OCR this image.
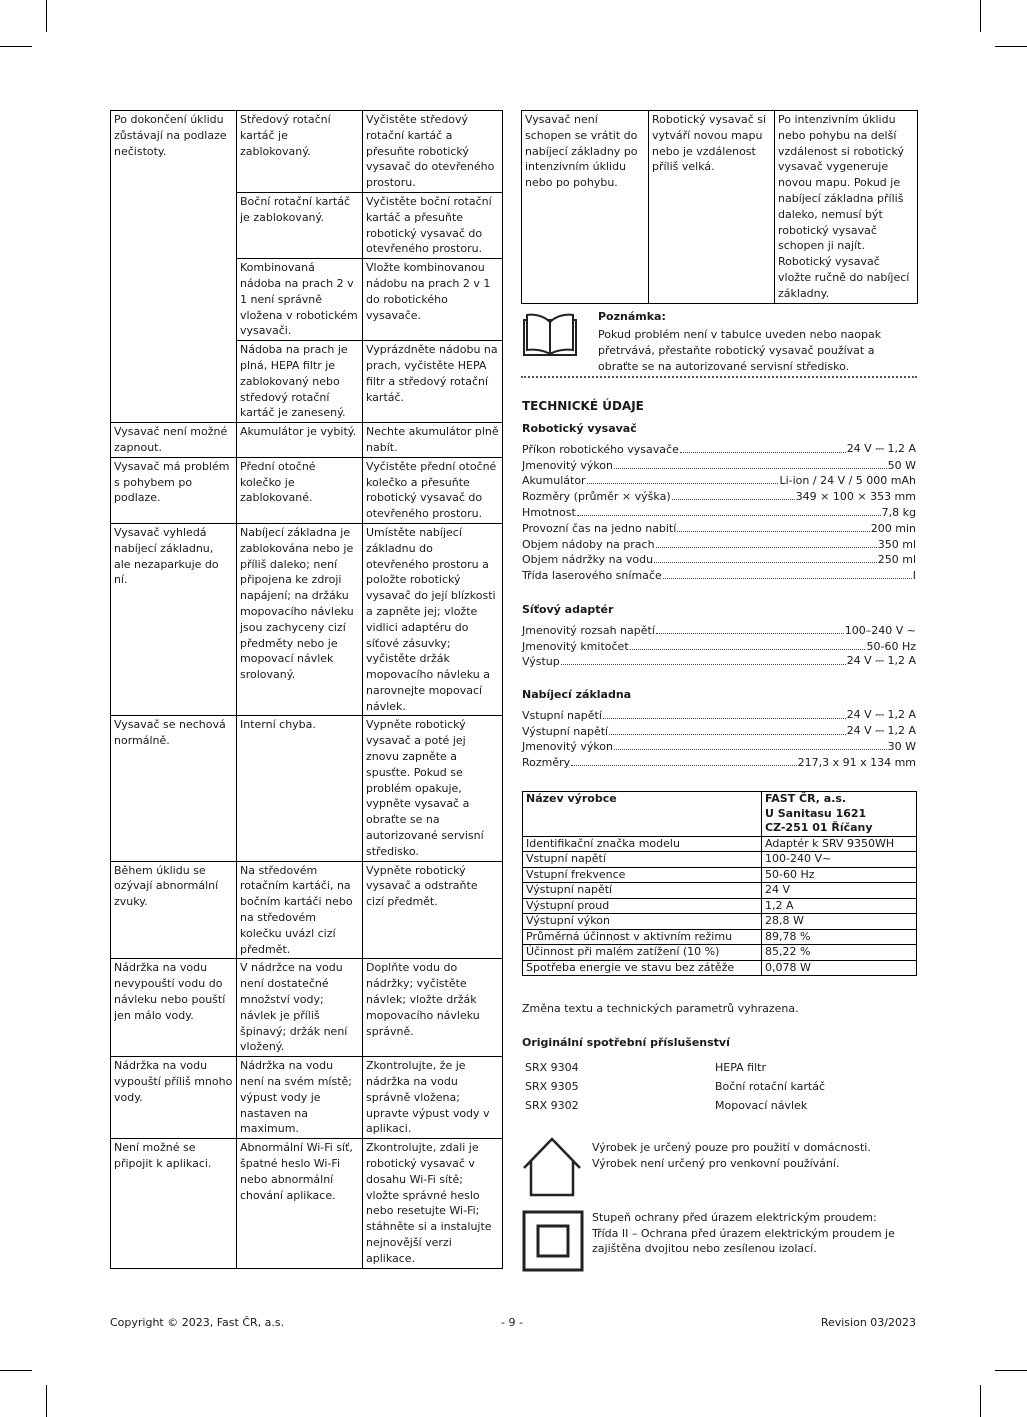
Po dokončení úklidu zůstávají na podlaze nečistoty.	Středový rotační kartáč je zablokovaný.	Vyčistěte středový rotační kartáč a přesuňte robotický vysavač do otevřeného prostoru.
	Boční rotační kartáč je zablokovaný.	Vyčistěte boční rotační kartáč a přesuňte robotický vysavač do otevřeného prostoru.
	Kombinovaná nádoba na prach 2 v 1 není správně vložena v robotickém vysavači.	Vložte kombinovanou nádobu na prach 2 v 1 do robotického vysavače.
	Nádoba na prach je plná, HEPA filtr je zablokovaný nebo středový rotační kartáč je zanesený.	Vyprázdněte nádobu na prach, vyčistěte HEPA filtr a středový rotační kartáč.
Vysavač není možné zapnout.	Akumulátor je vybitý.	Nechte akumulátor plně nabít.
Vysavač má problém s pohybem po podlaze.	Přední otočné kolečko je zablokované.	Vyčistěte přední otočné kolečko a přesuňte robotický vysavač do otevřeného prostoru.
Vysavač vyhledá nabíjecí základnu, ale nezaparkuje do ní.	Nabíjecí základna je zablokována nebo je příliš daleko; není připojena ke zdroji napájení; na držáku mopovacího návleku jsou zachyceny cizí předměty nebo je mopovací návlek srolovaný.	Umístěte nabíjecí základnu do otevřeného prostoru a položte robotický vysavač do její blízkosti a zapněte jej; vložte vidlici adaptéru do síťové zásuvky; vyčistěte držák mopovacího návleku a narovnejte mopovací návlek.
Vysavač se nechová normálně.	Interní chyba.	Vypněte robotický vysavač a poté jej znovu zapněte a spusťte. Pokud se problém opakuje, vypněte vysavač a obraťte se na autorizované servisní středisko.
Během úklidu se ozývají abnormální zvuky.	Na středovém rotačním kartáči, na bočním kartáči nebo na středovém kolečku uvázl cizí předmět.	Vypněte robotický vysavač a odstraňte cizí předmět.
Nádržka na vodu nevypouští vodu do návleku nebo pouští jen málo vody.	V nádržce na vodu není dostatečné množství vody; návlek je příliš špinavý; držák není vložený.	Doplňte vodu do nádržky; vyčistěte návlek; vložte držák mopovacího návleku správně.
Nádržka na vodu vypouští příliš mnoho vody.	Nádržka na vodu není na svém místě; výpust vody je nastaven na maximum.	Zkontrolujte, že je nádržka na vodu správně vložena; upravte výpust vody v aplikaci.
Není možné se připojit k aplikaci.	Abnormální Wi-Fi síť, špatné heslo Wi-Fi nebo abnormální chování aplikace.	Zkontrolujte, zdali je robotický vysavač v dosahu Wi-Fi sítě; vložte správné heslo nebo resetujte Wi-Fi; stáhněte si a instalujte nejnovější verzi aplikace.
Vysavač není schopen se vrátit do nabíjecí základny po intenzivním úklidu nebo po pohybu.	Robotický vysavač si vytváří novou mapu nebo je vzdálenost příliš velká.	Po intenzivním úklidu nebo pohybu na delší vzdálenost si robotický vysavač vygeneruje novou mapu. Pokud je nabíjecí základna příliš daleko, nemusí být robotický vysavač schopen ji najít. Robotický vysavač vložte ručně do nabíjecí základny.
Poznámka:
Pokud problém není v tabulce uveden nebo naopak přetrvává, přestaňte robotický vysavač používat a obraťte se na autorizované servisní středisko.
TECHNICKÉ ÚDAJE
Robotický vysavač
Příkon robotického vysavače	24 V ⎓ 1,2 A
Jmenovitý výkon	50 W
Akumulátor	Li-ion / 24 V / 5 000 mAh
Rozměry (průměr × výška)	349 × 100 × 353 mm
Hmotnost	7,8 kg
Provozní čas na jedno nabití	200 min
Objem nádoby na prach	350 ml
Objem nádržky na vodu	250 ml
Třída laserového snímače	I
Síťový adaptér
Jmenovitý rozsah napětí	100–240 V ~
Jmenovitý kmitočet	50-60 Hz
Výstup	24 V ⎓ 1,2 A
Nabíjecí základna
Vstupní napětí	24 V ⎓ 1,2 A
Výstupní napětí	24 V ⎓ 1,2 A
Jmenovitý výkon	30 W
Rozměry	217,3 x 91 x 134 mm
Název výrobce	FAST ČR, a.s.
U Sanitasu 1621
CZ-251 01 Říčany
Identifikační značka modelu	Adaptér k SRV 9350WH
Vstupní napětí	100-240 V~
Vstupní frekvence	50-60 Hz
Výstupní napětí	24 V
Výstupní proud	1,2 A
Výstupní výkon	28,8 W
Průměrná účinnost v aktivním režimu	89,78 %
Účinnost při malém zatížení (10 %)	85,22 %
Spotřeba energie ve stavu bez zátěže	0,078 W
Změna textu a technických parametrů vyhrazena.
Originální spotřební příslušenství
SRX 9304	HEPA filtr
SRX 9305	Boční rotační kartáč
SRX 9302	Mopovací návlek
Výrobek je určený pouze pro použití v domácnosti. Výrobek není určený pro venkovní používání.
Stupeň ochrany před úrazem elektrickým proudem:
Třída II – Ochrana před úrazem elektrickým proudem je zajištěna dvojitou nebo zesílenou izolací.
Copyright © 2023, Fast ČR, a.s.	- 9 -	Revision 03/2023
